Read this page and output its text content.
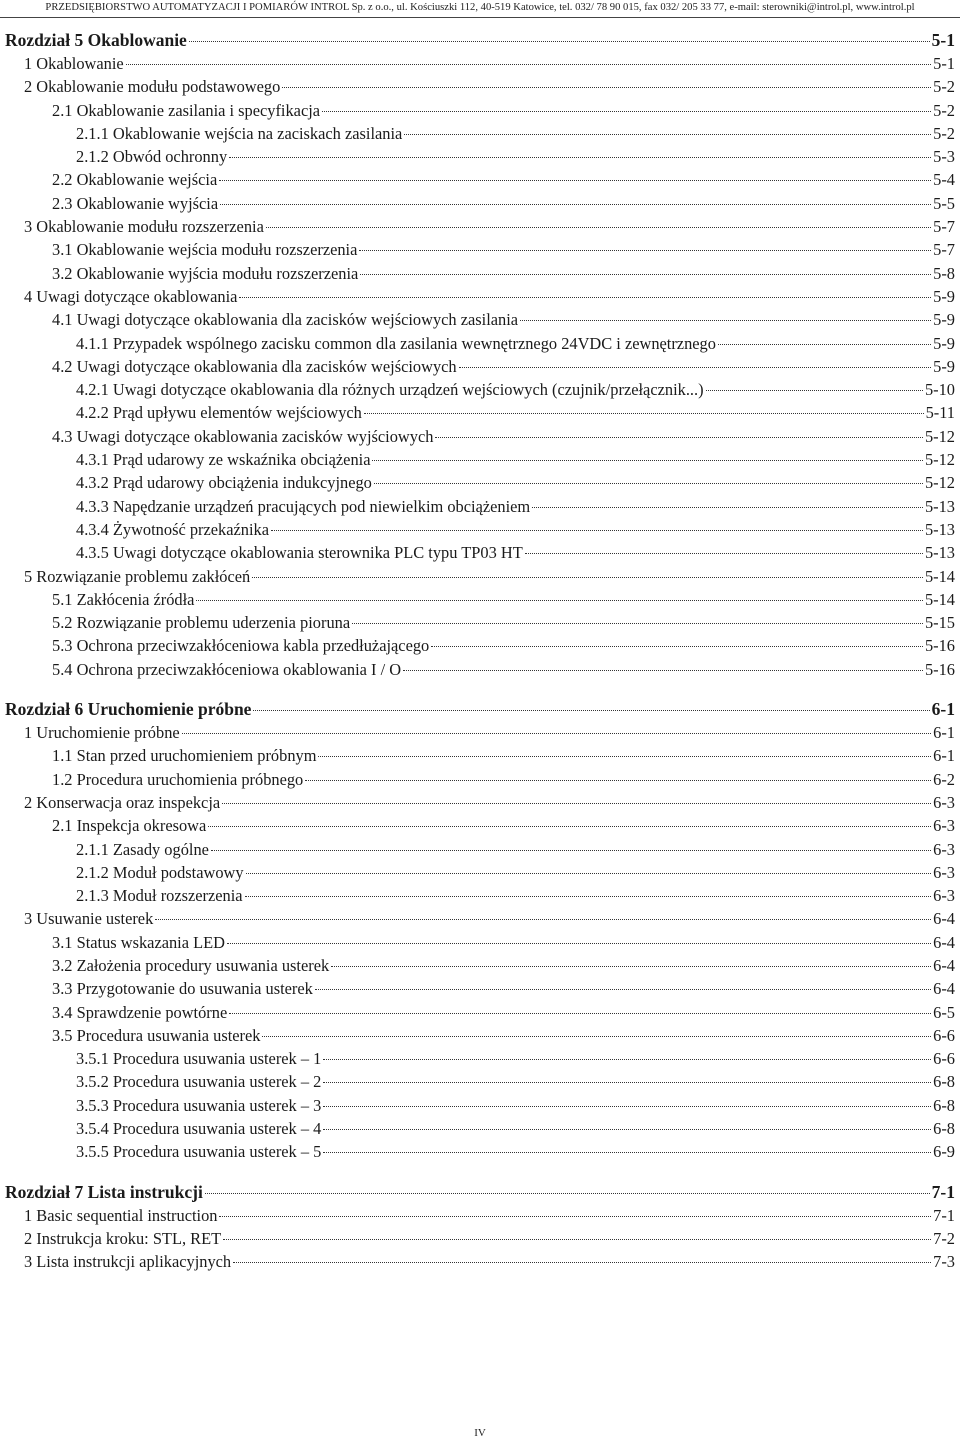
PRZEDSIĘBIORSTWO AUTOMATYZACJI I POMIARÓW INTROL Sp. z o.o., ul. Kościuszki 112, 40-519 Katowice, tel. 032/ 78 90 015, fax 032/ 205 33 77, e-mail: sterowniki@introl.pl, www.introl.pl
Rozdział 5 Okablowanie	5-1
1 Okablowanie	5-1
2 Okablowanie modułu podstawowego	5-2
2.1 Okablowanie zasilania i specyfikacja	5-2
2.1.1 Okablowanie wejścia na zaciskach zasilania	5-2
2.1.2 Obwód ochronny	5-3
2.2 Okablowanie wejścia	5-4
2.3 Okablowanie wyjścia	5-5
3 Okablowanie modułu rozszerzenia	5-7
3.1 Okablowanie wejścia modułu rozszerzenia	5-7
3.2 Okablowanie wyjścia modułu rozszerzenia	5-8
4 Uwagi dotyczące okablowania	5-9
4.1 Uwagi dotyczące okablowania dla zacisków wejściowych zasilania	5-9
4.1.1 Przypadek wspólnego zacisku common dla zasilania wewnętrznego 24VDC i zewnętrznego	5-9
4.2 Uwagi dotyczące okablowania dla zacisków wejściowych	5-9
4.2.1 Uwagi dotyczące okablowania dla różnych urządzeń wejściowych (czujnik/przełącznik...)	5-10
4.2.2 Prąd upływu elementów wejściowych	5-11
4.3 Uwagi dotyczące okablowania zacisków wyjściowych	5-12
4.3.1 Prąd udarowy ze wskaźnika obciążenia	5-12
4.3.2 Prąd udarowy obciążenia indukcyjnego	5-12
4.3.3 Napędzanie urządzeń pracujących pod niewielkim obciążeniem	5-13
4.3.4 Żywotność przekaźnika	5-13
4.3.5 Uwagi dotyczące okablowania sterownika PLC typu TP03 HT	5-13
5 Rozwiązanie problemu zakłóceń	5-14
5.1 Zakłócenia źródła	5-14
5.2 Rozwiązanie problemu uderzenia pioruna	5-15
5.3 Ochrona przeciwzakłóceniowa kabla przedłużającego	5-16
5.4 Ochrona przeciwzakłóceniowa okablowania I / O	5-16
Rozdział 6 Uruchomienie próbne	6-1
1 Uruchomienie próbne	6-1
1.1 Stan przed uruchomieniem próbnym	6-1
1.2 Procedura uruchomienia próbnego	6-2
2 Konserwacja oraz inspekcja	6-3
2.1 Inspekcja okresowa	6-3
2.1.1 Zasady ogólne	6-3
2.1.2 Moduł podstawowy	6-3
2.1.3 Moduł rozszerzenia	6-3
3 Usuwanie usterek	6-4
3.1 Status wskazania LED	6-4
3.2 Założenia procedury usuwania usterek	6-4
3.3 Przygotowanie do usuwania usterek	6-4
3.4 Sprawdzenie powtórne	6-5
3.5 Procedura usuwania usterek	6-6
3.5.1 Procedura usuwania usterek – 1	6-6
3.5.2 Procedura usuwania usterek – 2	6-8
3.5.3 Procedura usuwania usterek – 3	6-8
3.5.4 Procedura usuwania usterek – 4	6-8
3.5.5 Procedura usuwania usterek – 5	6-9
Rozdział 7 Lista instrukcji	7-1
1 Basic sequential instruction	7-1
2 Instrukcja kroku: STL, RET	7-2
3 Lista instrukcji aplikacyjnych	7-3
IV
